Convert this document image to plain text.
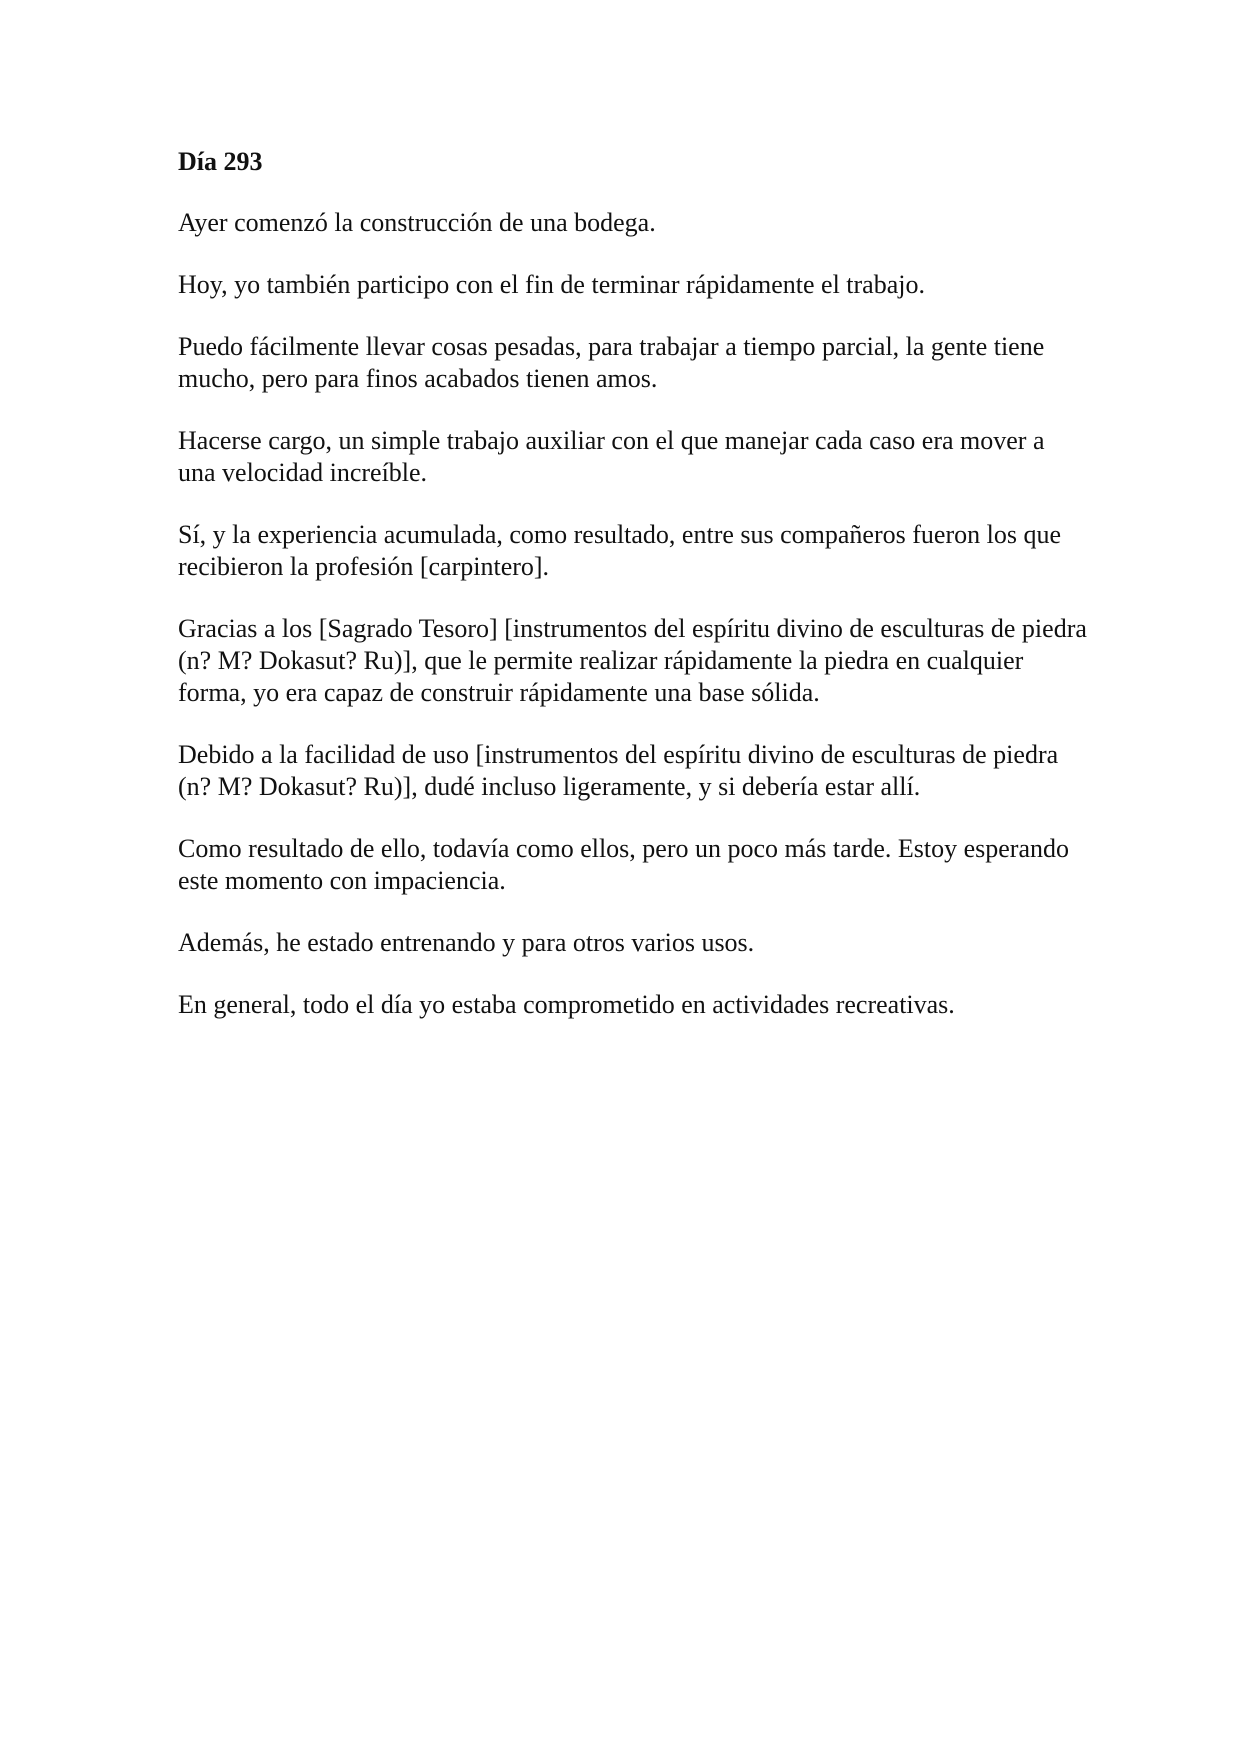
Día 293

Ayer comenzó la construcción de una bodega.

Hoy, yo también participo con el fin de terminar rápidamente el trabajo.

Puedo fácilmente llevar cosas pesadas, para trabajar a tiempo parcial, la gente tiene mucho, pero para finos acabados tienen amos.

Hacerse cargo, un simple trabajo auxiliar con el que manejar cada caso era mover a una velocidad increíble.

Sí, y la experiencia acumulada, como resultado, entre sus compañeros fueron los que recibieron la profesión [carpintero].

Gracias a los [Sagrado Tesoro] [instrumentos del espíritu divino de esculturas de piedra (n? M? Dokasut? Ru)], que le permite realizar rápidamente la piedra en cualquier forma, yo era capaz de construir rápidamente una base sólida.

Debido a la facilidad de uso [instrumentos del espíritu divino de esculturas de piedra (n? M? Dokasut? Ru)], dudé incluso ligeramente, y si debería estar allí.

Como resultado de ello, todavía como ellos, pero un poco más tarde. Estoy esperando este momento con impaciencia.

Además, he estado entrenando y para otros varios usos.

En general, todo el día yo estaba comprometido en actividades recreativas.
